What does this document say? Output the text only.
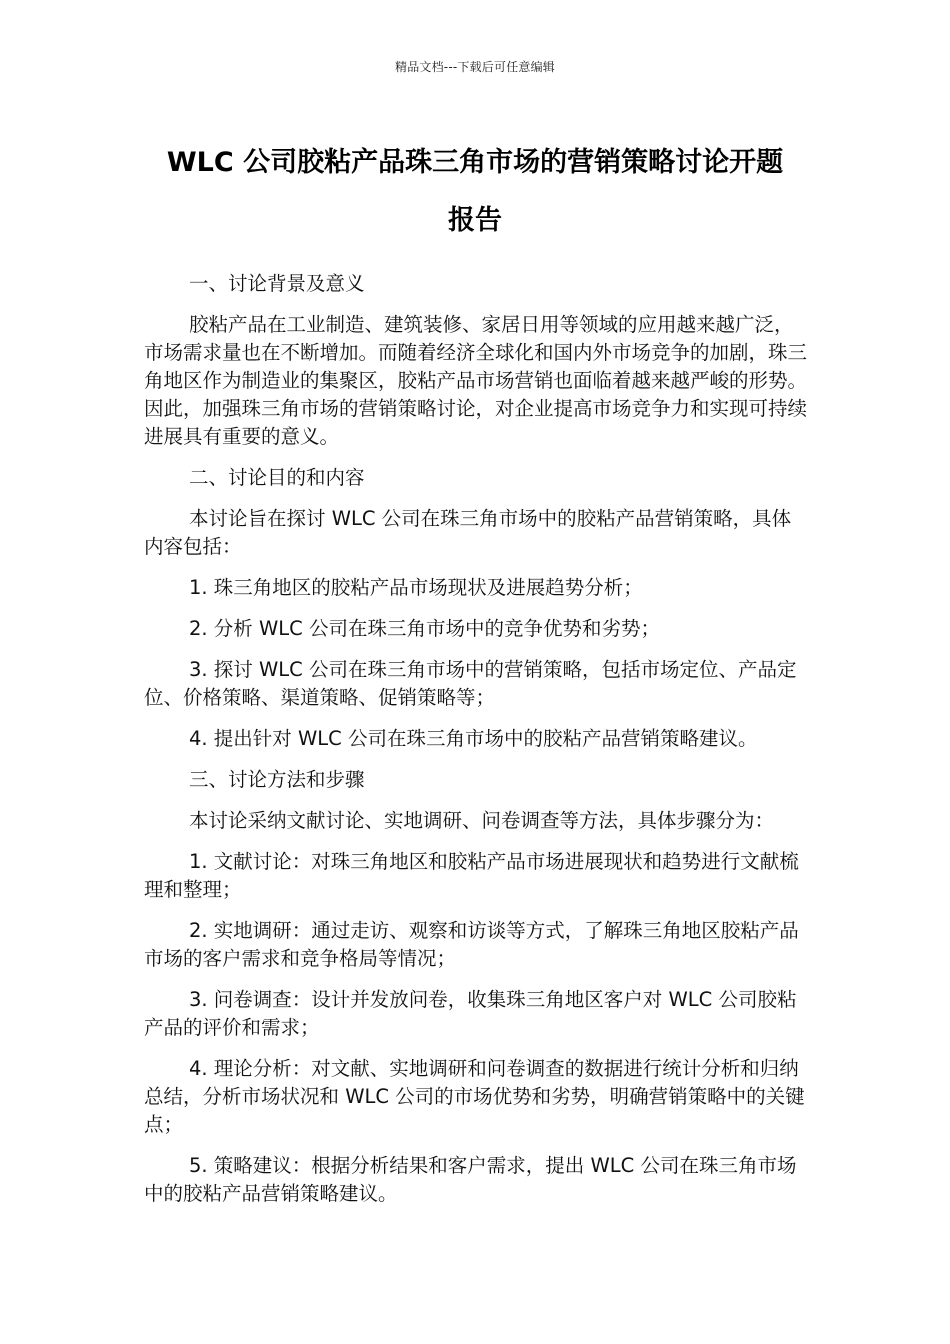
精品文档---下载后可任意编辑
WLC 公司胶粘产品珠三角市场的营销策略讨论开题
报告

一、讨论背景及意义

胶粘产品在工业制造、建筑装修、家居日用等领域的应用越来越广泛，市场需求量也在不断增加。而随着经济全球化和国内外市场竞争的加剧，珠三角地区作为制造业的集聚区，胶粘产品市场营销也面临着越来越严峻的形势。因此，加强珠三角市场的营销策略讨论，对企业提高市场竞争力和实现可持续进展具有重要的意义。

二、讨论目的和内容

本讨论旨在探讨 WLC 公司在珠三角市场中的胶粘产品营销策略，具体内容包括：

1. 珠三角地区的胶粘产品市场现状及进展趋势分析；

2. 分析 WLC 公司在珠三角市场中的竞争优势和劣势；

3. 探讨 WLC 公司在珠三角市场中的营销策略，包括市场定位、产品定位、价格策略、渠道策略、促销策略等；

4. 提出针对 WLC 公司在珠三角市场中的胶粘产品营销策略建议。

三、讨论方法和步骤

本讨论采纳文献讨论、实地调研、问卷调查等方法，具体步骤分为：

1. 文献讨论：对珠三角地区和胶粘产品市场进展现状和趋势进行文献梳理和整理；

2. 实地调研：通过走访、观察和访谈等方式，了解珠三角地区胶粘产品市场的客户需求和竞争格局等情况；

3. 问卷调查：设计并发放问卷，收集珠三角地区客户对 WLC 公司胶粘产品的评价和需求；

4. 理论分析：对文献、实地调研和问卷调查的数据进行统计分析和归纳总结，分析市场状况和 WLC 公司的市场优势和劣势，明确营销策略中的关键点；

5. 策略建议：根据分析结果和客户需求，提出 WLC 公司在珠三角市场中的胶粘产品营销策略建议。
